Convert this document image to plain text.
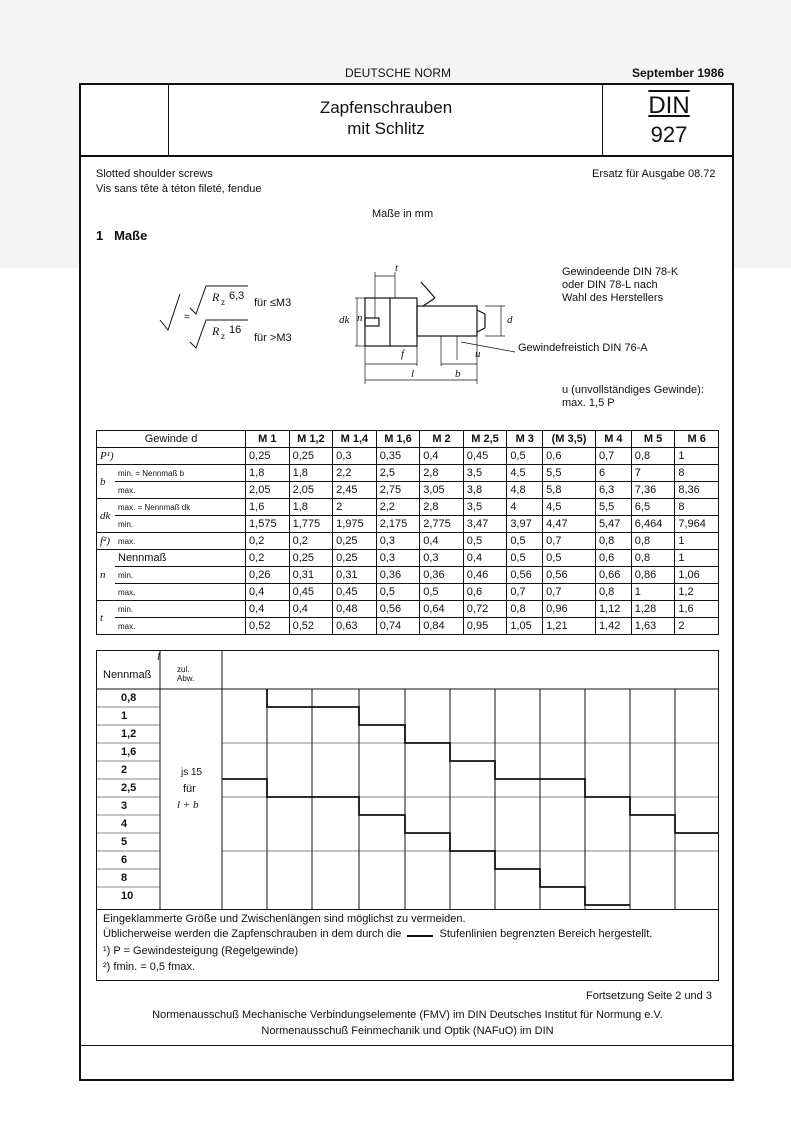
DEUTSCHE NORM	September 1986
Zapfenschrauben
mit Schlitz
DIN
927
Slotted shoulder screws
Vis sans tête à téton fileté, fendue
Ersatz für Ausgabe 08.72
Maße in mm
1 Maße
=
R z
6,3
für ≤M3
R z
16
für >M3
t
dk n	d
f	u
l	b
Gewindefreistich DIN 76-A
Gewindeende DIN 78-K
oder DIN 78-L nach
Wahl des Herstellers
u (unvollständiges Gewinde):
max. 1,5 P
Gewinde d		M 1	M 1,2	M 1,4	M 1,6	M 2	M 2,5	M 3	(M 3,5)	M 4	M 5	M 6
P¹)		0,25	0,25	0,3	0,35	0,4	0,45	0,5	0,6	0,7	0,8	1
b	min. = Nennmaß b	1,8	1,8	2,2	2,5	2,8	3,5	4,5	5,5	6	7	8
	max.	2,05	2,05	2,45	2,75	3,05	3,8	4,8	5,8	6,3	7,36	8,36
dk	max. = Nennmaß dk	1,6	1,8	2	2,2	2,8	3,5	4	4,5	5,5	6,5	8
	min.	1,575	1,775	1,975	2,175	2,775	3,47	3,97	4,47	5,47	6,464	7,964
f²)	max.	0,2	0,2	0,25	0,3	0,4	0,5	0,5	0,7	0,8	0,8	1
n	Nennmaß	0,2	0,25	0,25	0,3	0,3	0,4	0,5	0,5	0,6	0,8	1
	min.	0,26	0,31	0,31	0,36	0,36	0,46	0,56	0,56	0,66	0,86	1,06
	max.	0,4	0,45	0,45	0,5	0,5	0,6	0,7	0,7	0,8	1	1,2
t	min.	0,4	0,4	0,48	0,56	0,64	0,72	0,8	0,96	1,12	1,28	1,6
	max.	0,52	0,52	0,63	0,74	0,84	0,95	1,05	1,21	1,42	1,63	2
l
Nennmaß	zul.
Abw.
0,8
1
1,2
1,6
2
2,5
3
4
5
6
8
10
js 15
für
l + b
Eingeklammerte Größe und Zwischenlängen sind möglichst zu vermeiden.
Üblicherweise werden die Zapfenschrauben in dem durch die	Stufenlinien begrenzten Bereich hergestellt.
¹) P = Gewindesteigung (Regelgewinde)
²) fmin. = 0,5 fmax.
Fortsetzung Seite 2 und 3
Normenausschuß Mechanische Verbindungselemente (FMV) im DIN Deutsches Institut für Normung e.V.
Normenausschuß Feinmechanik und Optik (NAFuO) im DIN
